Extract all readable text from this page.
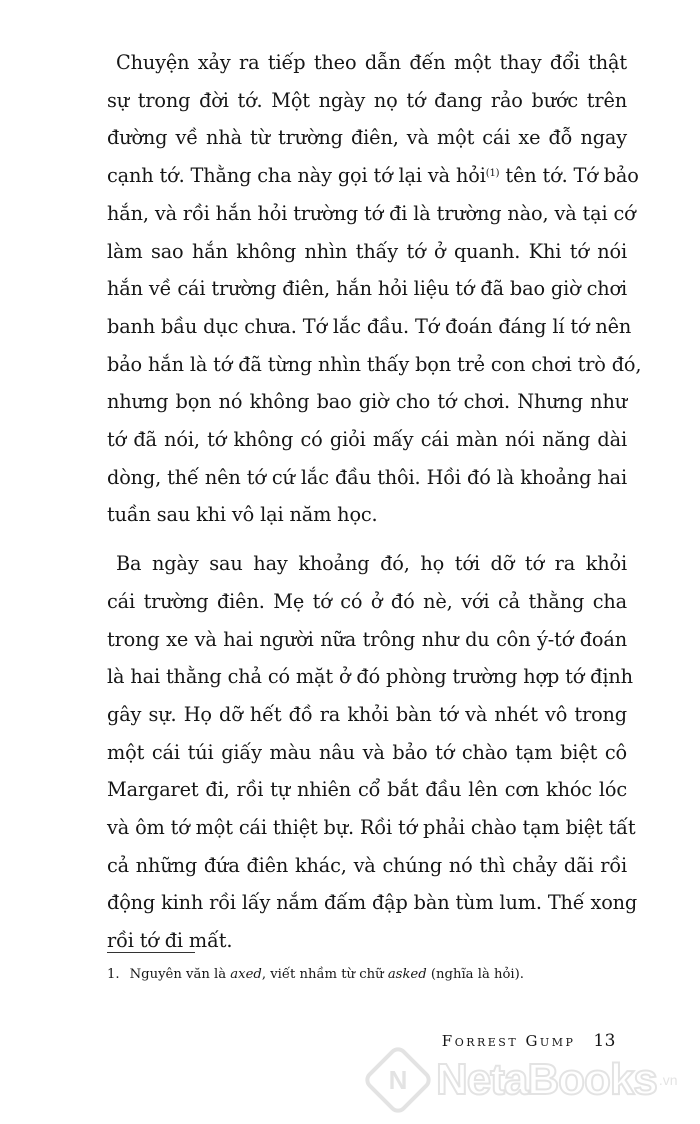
Chuyện xảy ra tiếp theo dẫn đến một thay đổi thật
sự trong đời tớ. Một ngày nọ tớ đang rảo bước trên
đường về nhà từ trường điên, và một cái xe đỗ ngay
cạnh tớ. Thằng cha này gọi tớ lại và hỏi$^{(1)}$ tên tớ. Tớ bảo
hắn, và rồi hắn hỏi trường tớ đi là trường nào, và tại cớ
làm sao hắn không nhìn thấy tớ ở quanh. Khi tớ nói
hắn về cái trường điên, hắn hỏi liệu tớ đã bao giờ chơi
banh bầu dục chưa. Tớ lắc đầu. Tớ đoán đáng lí tớ nên
bảo hắn là tớ đã từng nhìn thấy bọn trẻ con chơi trò đó,
nhưng bọn nó không bao giờ cho tớ chơi. Nhưng như
tớ đã nói, tớ không có giỏi mấy cái màn nói năng dài
dòng, thế nên tớ cứ lắc đầu thôi. Hồi đó là khoảng hai
tuần sau khi vô lại năm học.

Ba ngày sau hay khoảng đó, họ tới dỡ tớ ra khỏi
cái trường điên. Mẹ tớ có ở đó nè, với cả thằng cha
trong xe và hai người nữa trông như du côn ý-tớ đoán
là hai thằng chả có mặt ở đó phòng trường hợp tớ định
gây sự. Họ dỡ hết đồ ra khỏi bàn tớ và nhét vô trong
một cái túi giấy màu nâu và bảo tớ chào tạm biệt cô
Margaret đi, rồi tự nhiên cổ bắt đầu lên cơn khóc lóc
và ôm tớ một cái thiệt bự. Rồi tớ phải chào tạm biệt tất
cả những đứa điên khác, và chúng nó thì chảy dãi rồi
động kinh rồi lấy nắm đấm đập bàn tùm lum. Thế xong
rồi tớ đi mất.

1. Nguyên văn là axed, viết nhầm từ chữ asked (nghĩa là hỏi).
Forrest Gump 13
N
NetaBooks .vn
